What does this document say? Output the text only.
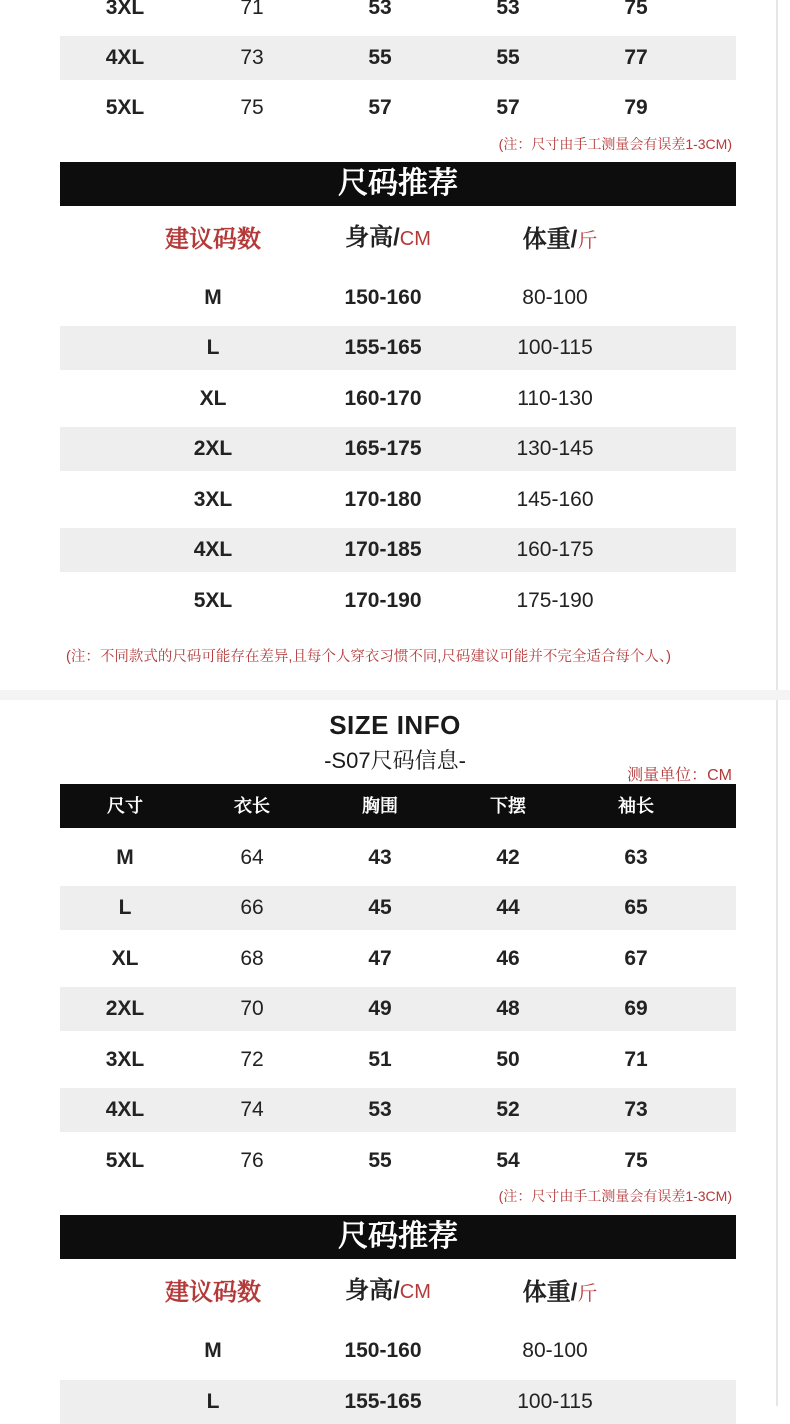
3XL	71	53	53	75
4XL	73	55	55	77
5XL	75	57	57	79
(注：尺寸由手工测量会有误差1-3CM)
尺码推荐
建议码数	身高/CM	体重/斤
M	150-160	80-100
L	155-165	100-115
XL	160-170	110-130
2XL	165-175	130-145
3XL	170-180	145-160
4XL	170-185	160-175
5XL	170-190	175-190
(注：不同款式的尺码可能存在差异,且每个人穿衣习惯不同,尺码建议可能并不完全适合每个人、)
SIZE INFO
-S07尺码信息-
测量单位：CM
尺寸	衣长	胸围	下摆	袖长
M	64	43	42	63
L	66	45	44	65
XL	68	47	46	67
2XL	70	49	48	69
3XL	72	51	50	71
4XL	74	53	52	73
5XL	76	55	54	75
(注：尺寸由手工测量会有误差1-3CM)
尺码推荐
建议码数	身高/CM	体重/斤
M	150-160	80-100
L	155-165	100-115
